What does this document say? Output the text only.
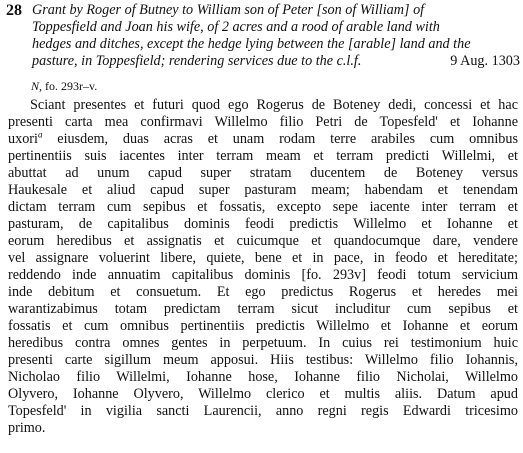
28 Grant by Roger of Butney to William son of Peter [son of William] of
Toppesfield and Joan his wife, of 2 acres and a rood of arable land with
hedges and ditches, except the hedge lying between the [arable] land and the
pasture, in Toppesfield; rendering services due to the c.l.f.	9 Aug. 1303
N, fo. 293r–v.
Sciant presentes et futuri quod ego Rogerus de Boteney dedi, concessi et hac
presenti carta mea confirmavi Willelmo filio Petri de Topesfeld' et Iohanne
uxori$^a$ eiusdem, duas acras et unam rodam terre arabiles cum omnibus
pertinentiis suis iacentes inter terram meam et terram predicti Willelmi, et
abuttat ad unum capud super stratam ducentem de Boteney versus
Haukesale et aliud capud super pasturam meam; habendam et tenendam
dictam terram cum sepibus et fossatis, excepto sepe iacente inter terram et
pasturam, de capitalibus dominis feodi predictis Willelmo et Iohanne et
eorum heredibus et assignatis et cuicumque et quandocumque dare, vendere
vel assignare voluerint libere, quiete, bene et in pace, in feodo et hereditate;
reddendo inde annuatim capitalibus dominis [fo. 293v] feodi totum servicium
inde debitum et consuetum. Et ego predictus Rogerus et heredes mei
warantizabimus totam predictam terram sicut includitur cum sepibus et
fossatis et cum omnibus pertinentiis predictis Willelmo et Iohanne et eorum
heredibus contra omnes gentes in perpetuum. In cuius rei testimonium huic
presenti carte sigillum meum apposui. Hiis testibus: Willelmo filio Iohannis,
Nicholao filio Willelmi, Iohanne hose, Iohanne filio Nicholai, Willelmo
Olyvero, Iohanne Olyvero, Willelmo clerico et multis aliis. Datum apud
Topesfeld' in vigilia sancti Laurencii, anno regni regis Edwardi tricesimo
primo.
